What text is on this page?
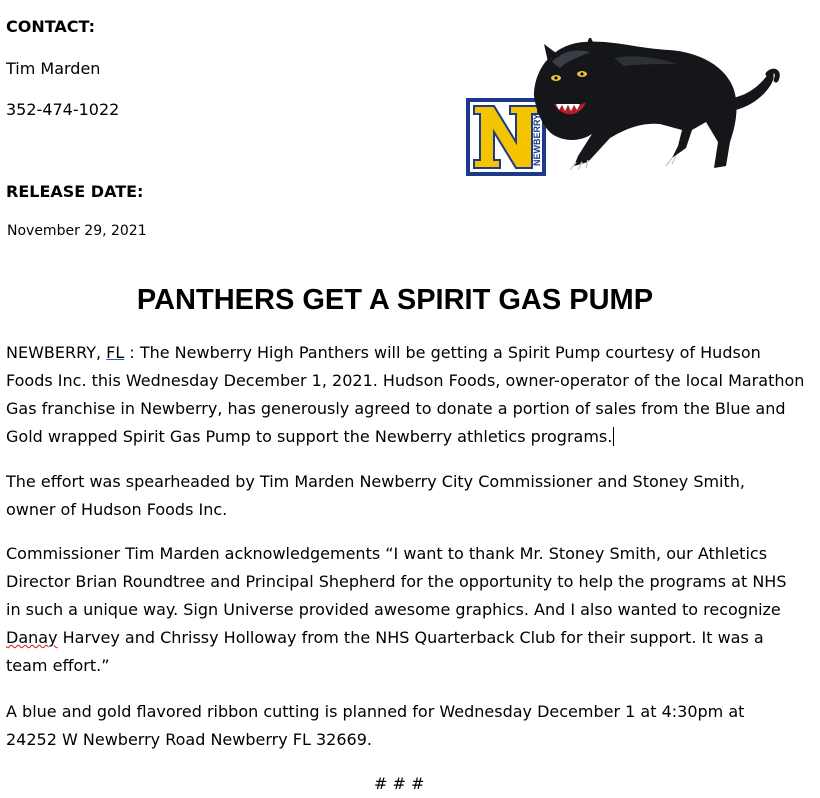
CONTACT:
Tim Marden
352-474-1022
RELEASE DATE:
November 29, 2021
NEWBERRY
PANTHERS GET A SPIRIT GAS PUMP

NEWBERRY, FL : The Newberry High Panthers will be getting a Spirit Pump courtesy of Hudson Foods Inc. this Wednesday December 1, 2021. Hudson Foods, owner-operator of the local Marathon Gas franchise in Newberry, has generously agreed to donate a portion of sales from the Blue and Gold wrapped Spirit Gas Pump to support the Newberry athletics programs.

The effort was spearheaded by Tim Marden Newberry City Commissioner and Stoney Smith, owner of Hudson Foods Inc.

Commissioner Tim Marden acknowledgements “I want to thank Mr. Stoney Smith, our Athletics Director Brian Roundtree and Principal Shepherd for the opportunity to help the programs at NHS in such a unique way. Sign Universe provided awesome graphics. And I also wanted to recognize Danay Harvey and Chrissy Holloway from the NHS Quarterback Club for their support. It was a team effort.”

A blue and gold flavored ribbon cutting is planned for Wednesday December 1 at 4:30pm at 24252 W Newberry Road Newberry FL 32669.

# # #
